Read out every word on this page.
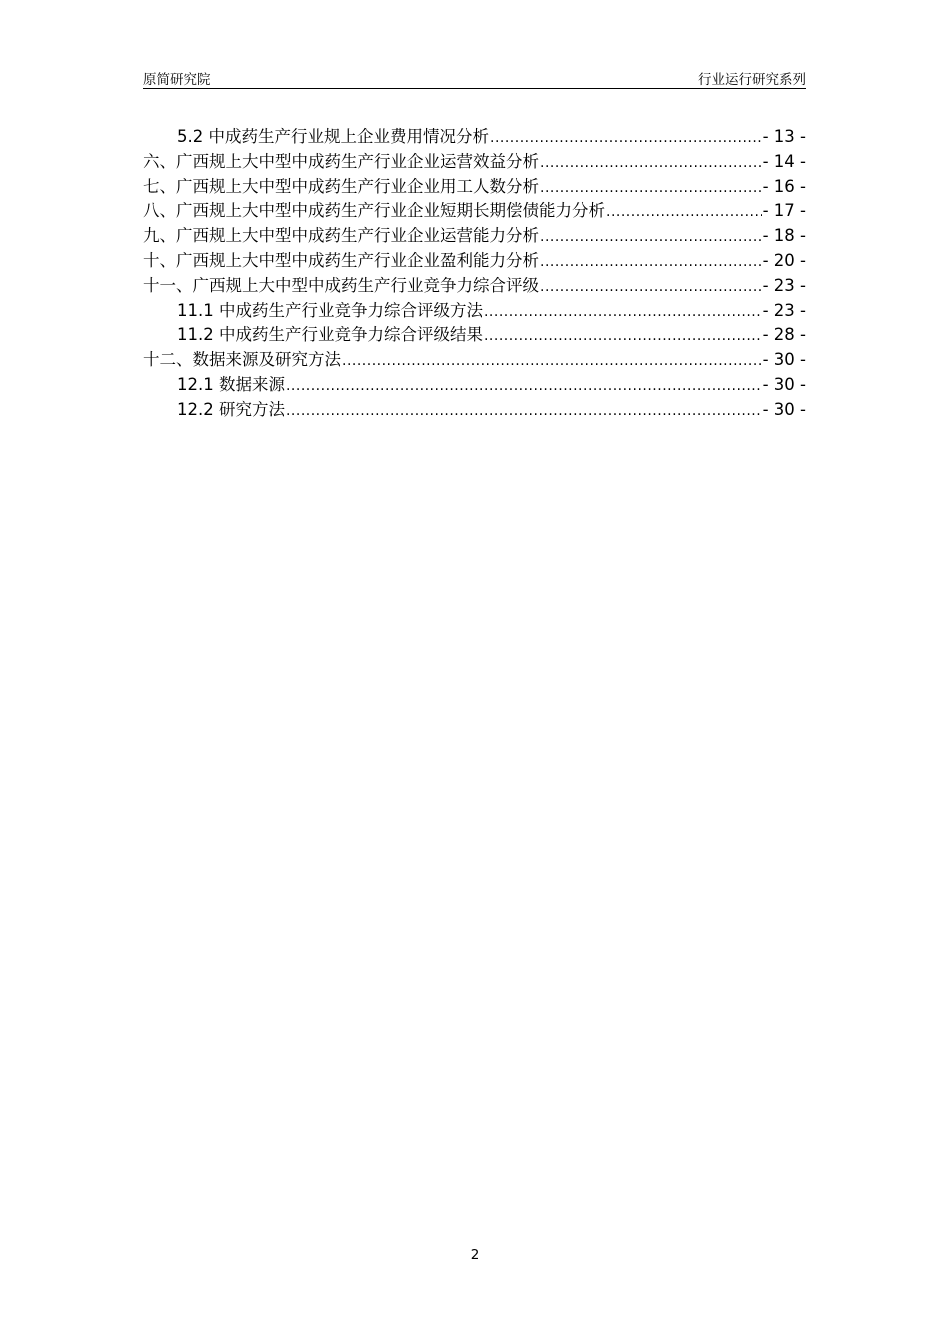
原简研究院	行业运行研究系列
5.2 中成药生产行业规上企业费用情况分析 .....	- 13 -
六、广西规上大中型中成药生产行业企业运营效益分析 .....	- 14 -
七、广西规上大中型中成药生产行业企业用工人数分析 .....	- 16 -
八、广西规上大中型中成药生产行业企业短期长期偿债能力分析 .....	- 17 -
九、广西规上大中型中成药生产行业企业运营能力分析 .....	- 18 -
十、广西规上大中型中成药生产行业企业盈利能力分析 .....	- 20 -
十一、广西规上大中型中成药生产行业竞争力综合评级 .....	- 23 -
11.1 中成药生产行业竞争力综合评级方法 .....	- 23 -
11.2 中成药生产行业竞争力综合评级结果 .....	- 28 -
十二、数据来源及研究方法 .....	- 30 -
12.1 数据来源 .....	- 30 -
12.2 研究方法 .....	- 30 -
2
